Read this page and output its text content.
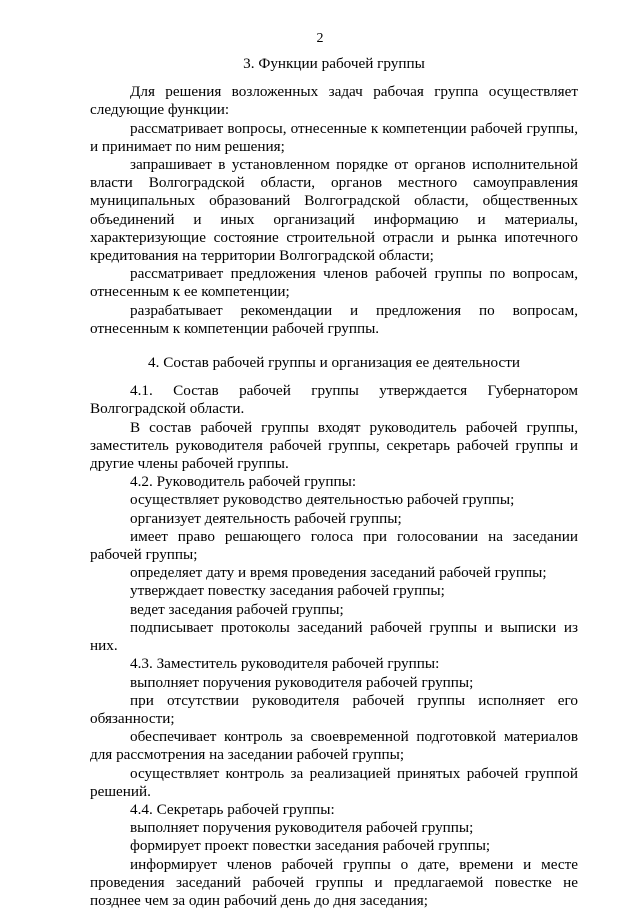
2

3. Функции рабочей группы

Для решения возложенных задач рабочая группа осуществляет следующие функции:

рассматривает вопросы, отнесенные к компетенции рабочей группы, и принимает по ним решения;

запрашивает в установленном порядке от органов исполнительной власти Волгоградской области, органов местного самоуправления муниципальных образований Волгоградской области, общественных объединений и иных организаций информацию и материалы, характеризующие состояние строительной отрасли и рынка ипотечного кредитования на территории Волгоградской области;

рассматривает предложения членов рабочей группы по вопросам, отнесенным к ее компетенции;

разрабатывает рекомендации и предложения по вопросам, отнесенным к компетенции рабочей группы.

4. Состав рабочей группы и организация ее деятельности

4.1. Состав рабочей группы утверждается Губернатором Волгоградской области.

В состав рабочей группы входят руководитель рабочей группы, заместитель руководителя рабочей группы, секретарь рабочей группы и другие члены рабочей группы.

4.2. Руководитель рабочей группы:

осуществляет руководство деятельностью рабочей группы;

организует деятельность рабочей группы;

имеет право решающего голоса при голосовании на заседании рабочей группы;

определяет дату и время проведения заседаний рабочей группы;

утверждает повестку заседания рабочей группы;

ведет заседания рабочей группы;

подписывает протоколы заседаний рабочей группы и выписки из них.

4.3. Заместитель руководителя рабочей группы:

выполняет поручения руководителя рабочей группы;

при отсутствии руководителя рабочей группы исполняет его обязанности;

обеспечивает контроль за своевременной подготовкой материалов для рассмотрения на заседании рабочей группы;

осуществляет контроль за реализацией принятых рабочей группой решений.

4.4. Секретарь рабочей группы:

выполняет поручения руководителя рабочей группы;

формирует проект повестки заседания рабочей группы;

информирует членов рабочей группы о дате, времени и месте проведения заседаний рабочей группы и предлагаемой повестке не позднее чем за один рабочий день до дня заседания;
